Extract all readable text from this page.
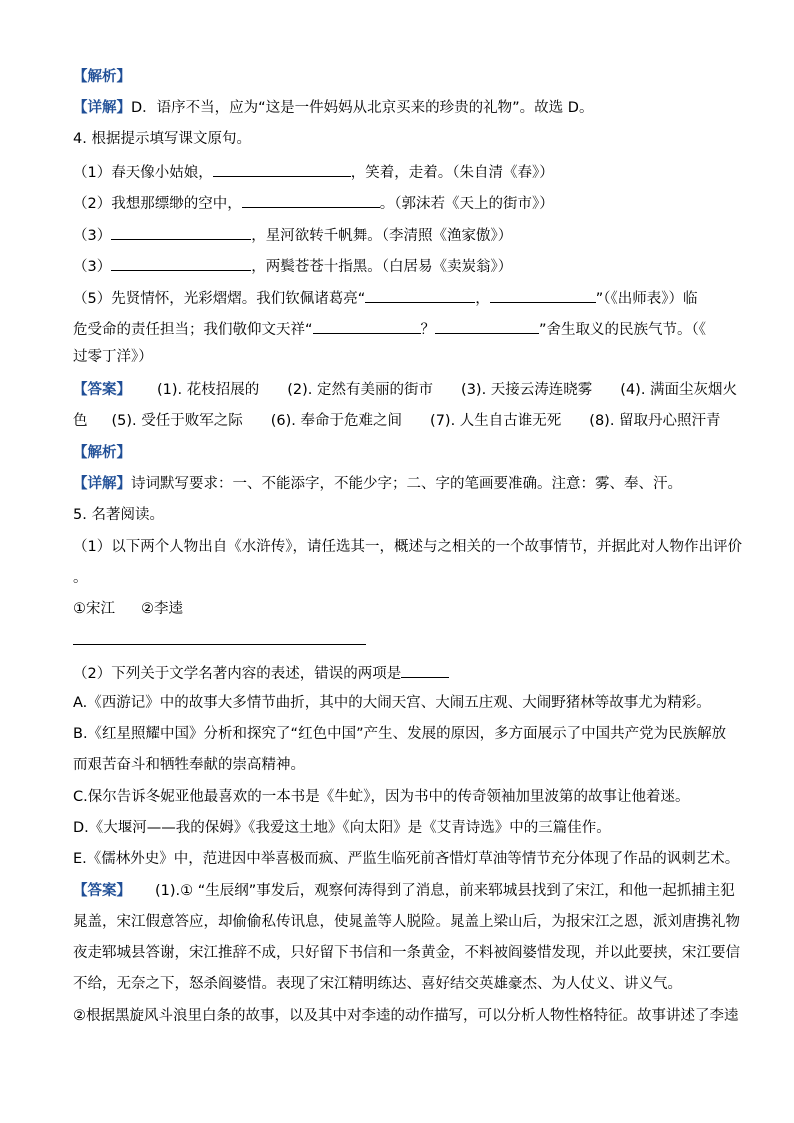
【解析】
【详解】D．语序不当，应为“这是一件妈妈从北京买来的珍贵的礼物”。故选 D。
4. 根据提示填写课文原句。
（1）春天像小姑娘，	，笑着，走着。（朱自清《春》）
（2）我想那缥缈的空中，	。（郭沫若《天上的街市》）
（3）	，星河欲转千帆舞。（李清照《渔家傲》）
（3）	，两鬓苍苍十指黑。（白居易《卖炭翁》）
（5）先贤情怀，光彩熠熠。我们钦佩诸葛亮“	，	”（《出师表》）临
危受命的责任担当；我们敬仰文天祥“	？	”舍生取义的民族气节。（《
过零丁洋》）
【答案】 (1). 花枝招展的 (2). 定然有美丽的街市 (3). 天接云涛连晓雾 (4). 满面尘灰烟火
色 (5). 受任于败军之际 (6). 奉命于危难之间 (7). 人生自古谁无死 (8). 留取丹心照汗青
【解析】
【详解】诗词默写要求：一、不能添字，不能少字；二、字的笔画要准确。注意：雾、奉、汗。
5. 名著阅读。
（1）以下两个人物出自《水浒传》，请任选其一，概述与之相关的一个故事情节，并据此对人物作出评价
。
①宋江 ②李逵
（2）下列关于文学名著内容的表述，错误的两项是
A.《西游记》中的故事大多情节曲折，其中的大闹天宫、大闹五庄观、大闹野猪林等故事尤为精彩。
B.《红星照耀中国》分析和探究了“红色中国”产生、发展的原因，多方面展示了中国共产党为民族解放
而艰苦奋斗和牺牲奉献的崇高精神。
C.保尔告诉冬妮亚他最喜欢的一本书是《牛虻》，因为书中的传奇领袖加里波第的故事让他着迷。
D.《大堰河——我的保姆》《我爱这土地》《向太阳》是《艾青诗选》中的三篇佳作。
E.《儒林外史》中，范进因中举喜极而疯、严监生临死前吝惜灯草油等情节充分体现了作品的讽刺艺术。
【答案】 (1).① “生辰纲”事发后，观察何涛得到了消息，前来郓城县找到了宋江，和他一起抓捕主犯
晁盖，宋江假意答应，却偷偷私传讯息，使晁盖等人脱险。晁盖上梁山后，为报宋江之恩，派刘唐携礼物
夜走郓城县答谢，宋江推辞不成，只好留下书信和一条黄金，不料被阎婆惜发现，并以此要挟，宋江要信
不给，无奈之下，怒杀阎婆惜。表现了宋江精明练达、喜好结交英雄豪杰、为人仗义、讲义气。
②根据黑旋风斗浪里白条的故事，以及其中对李逵的动作描写，可以分析人物性格特征。故事讲述了李逵
